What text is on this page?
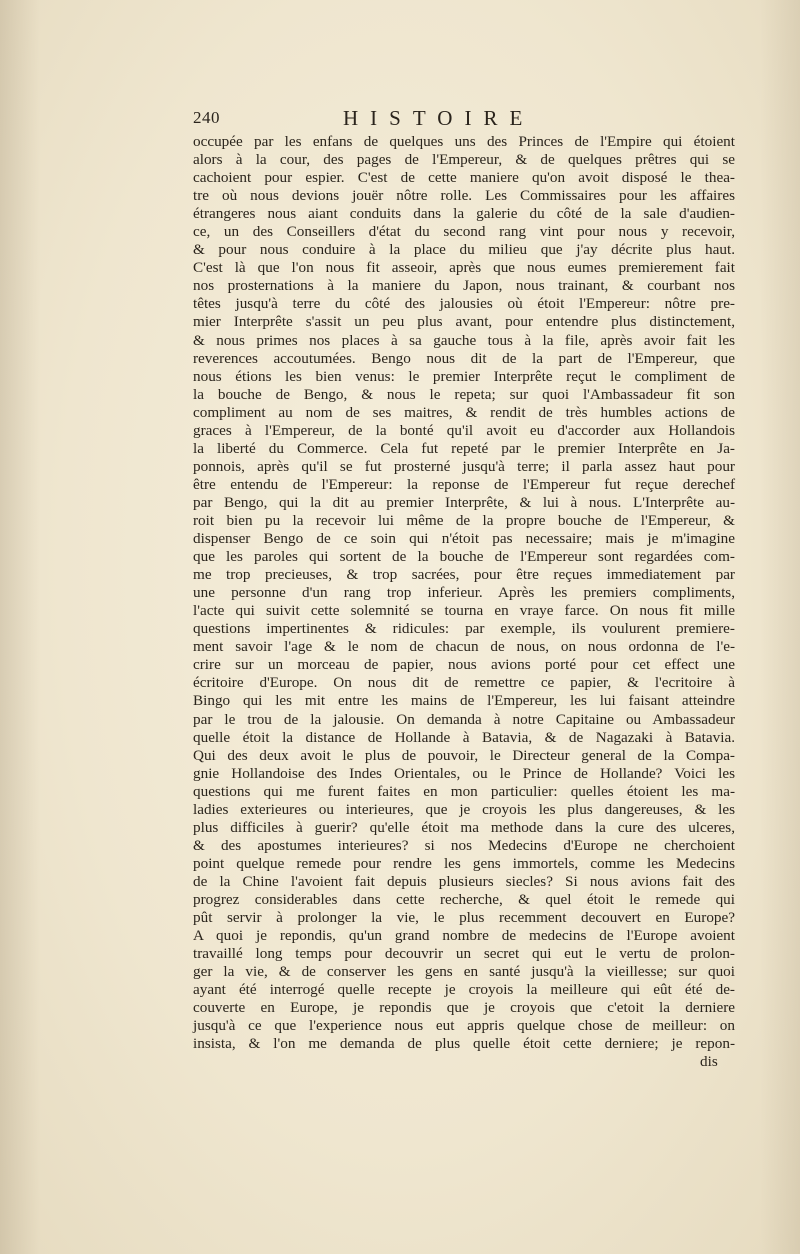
240	HISTOIRE
occupée par les enfans de quelques uns des Princes de l'Empire qui étoient
alors à la cour, des pages de l'Empereur, & de quelques prêtres qui se
cachoient pour espier. C'est de cette maniere qu'on avoit disposé le thea-
tre où nous devions jouër nôtre rolle. Les Commissaires pour les affaires
étrangeres nous aiant conduits dans la galerie du côté de la sale d'audien-
ce, un des Conseillers d'état du second rang vint pour nous y recevoir,
& pour nous conduire à la place du milieu que j'ay décrite plus haut.
C'est là que l'on nous fit asseoir, après que nous eumes premierement fait
nos prosternations à la maniere du Japon, nous trainant, & courbant nos
têtes jusqu'à terre du côté des jalousies où étoit l'Empereur: nôtre pre-
mier Interprête s'assit un peu plus avant, pour entendre plus distinctement,
& nous primes nos places à sa gauche tous à la file, après avoir fait les
reverences accoutumées. Bengo nous dit de la part de l'Empereur, que
nous étions les bien venus: le premier Interprête reçut le compliment de
la bouche de Bengo, & nous le repeta; sur quoi l'Ambassadeur fit son
compliment au nom de ses maitres, & rendit de très humbles actions de
graces à l'Empereur, de la bonté qu'il avoit eu d'accorder aux Hollandois
la liberté du Commerce. Cela fut repeté par le premier Interprête en Ja-
ponnois, après qu'il se fut prosterné jusqu'à terre; il parla assez haut pour
être entendu de l'Empereur: la reponse de l'Empereur fut reçue derechef
par Bengo, qui la dit au premier Interprête, & lui à nous. L'Interprête au-
roit bien pu la recevoir lui même de la propre bouche de l'Empereur, &
dispenser Bengo de ce soin qui n'étoit pas necessaire; mais je m'imagine
que les paroles qui sortent de la bouche de l'Empereur sont regardées com-
me trop precieuses, & trop sacrées, pour être reçues immediatement par
une personne d'un rang trop inferieur. Après les premiers compliments,
l'acte qui suivit cette solemnité se tourna en vraye farce. On nous fit mille
questions impertinentes & ridicules: par exemple, ils voulurent premiere-
ment savoir l'age & le nom de chacun de nous, on nous ordonna de l'e-
crire sur un morceau de papier, nous avions porté pour cet effect une
écritoire d'Europe. On nous dit de remettre ce papier, & l'ecritoire à
Bingo qui les mit entre les mains de l'Empereur, les lui faisant atteindre
par le trou de la jalousie. On demanda à notre Capitaine ou Ambassadeur
quelle étoit la distance de Hollande à Batavia, & de Nagazaki à Batavia.
Qui des deux avoit le plus de pouvoir, le Directeur general de la Compa-
gnie Hollandoise des Indes Orientales, ou le Prince de Hollande? Voici les
questions qui me furent faites en mon particulier: quelles étoient les ma-
ladies exterieures ou interieures, que je croyois les plus dangereuses, & les
plus difficiles à guerir? qu'elle étoit ma methode dans la cure des ulceres,
& des apostumes interieures? si nos Medecins d'Europe ne cherchoient
point quelque remede pour rendre les gens immortels, comme les Medecins
de la Chine l'avoient fait depuis plusieurs siecles? Si nous avions fait des
progrez considerables dans cette recherche, & quel étoit le remede qui
pût servir à prolonger la vie, le plus recemment decouvert en Europe?
A quoi je repondis, qu'un grand nombre de medecins de l'Europe avoient
travaillé long temps pour decouvrir un secret qui eut le vertu de prolon-
ger la vie, & de conserver les gens en santé jusqu'à la vieillesse; sur quoi
ayant été interrogé quelle recepte je croyois la meilleure qui eût été de-
couverte en Europe, je repondis que je croyois que c'etoit la derniere
jusqu'à ce que l'experience nous eut appris quelque chose de meilleur: on
insista, & l'on me demanda de plus quelle étoit cette derniere; je repon-
dis
